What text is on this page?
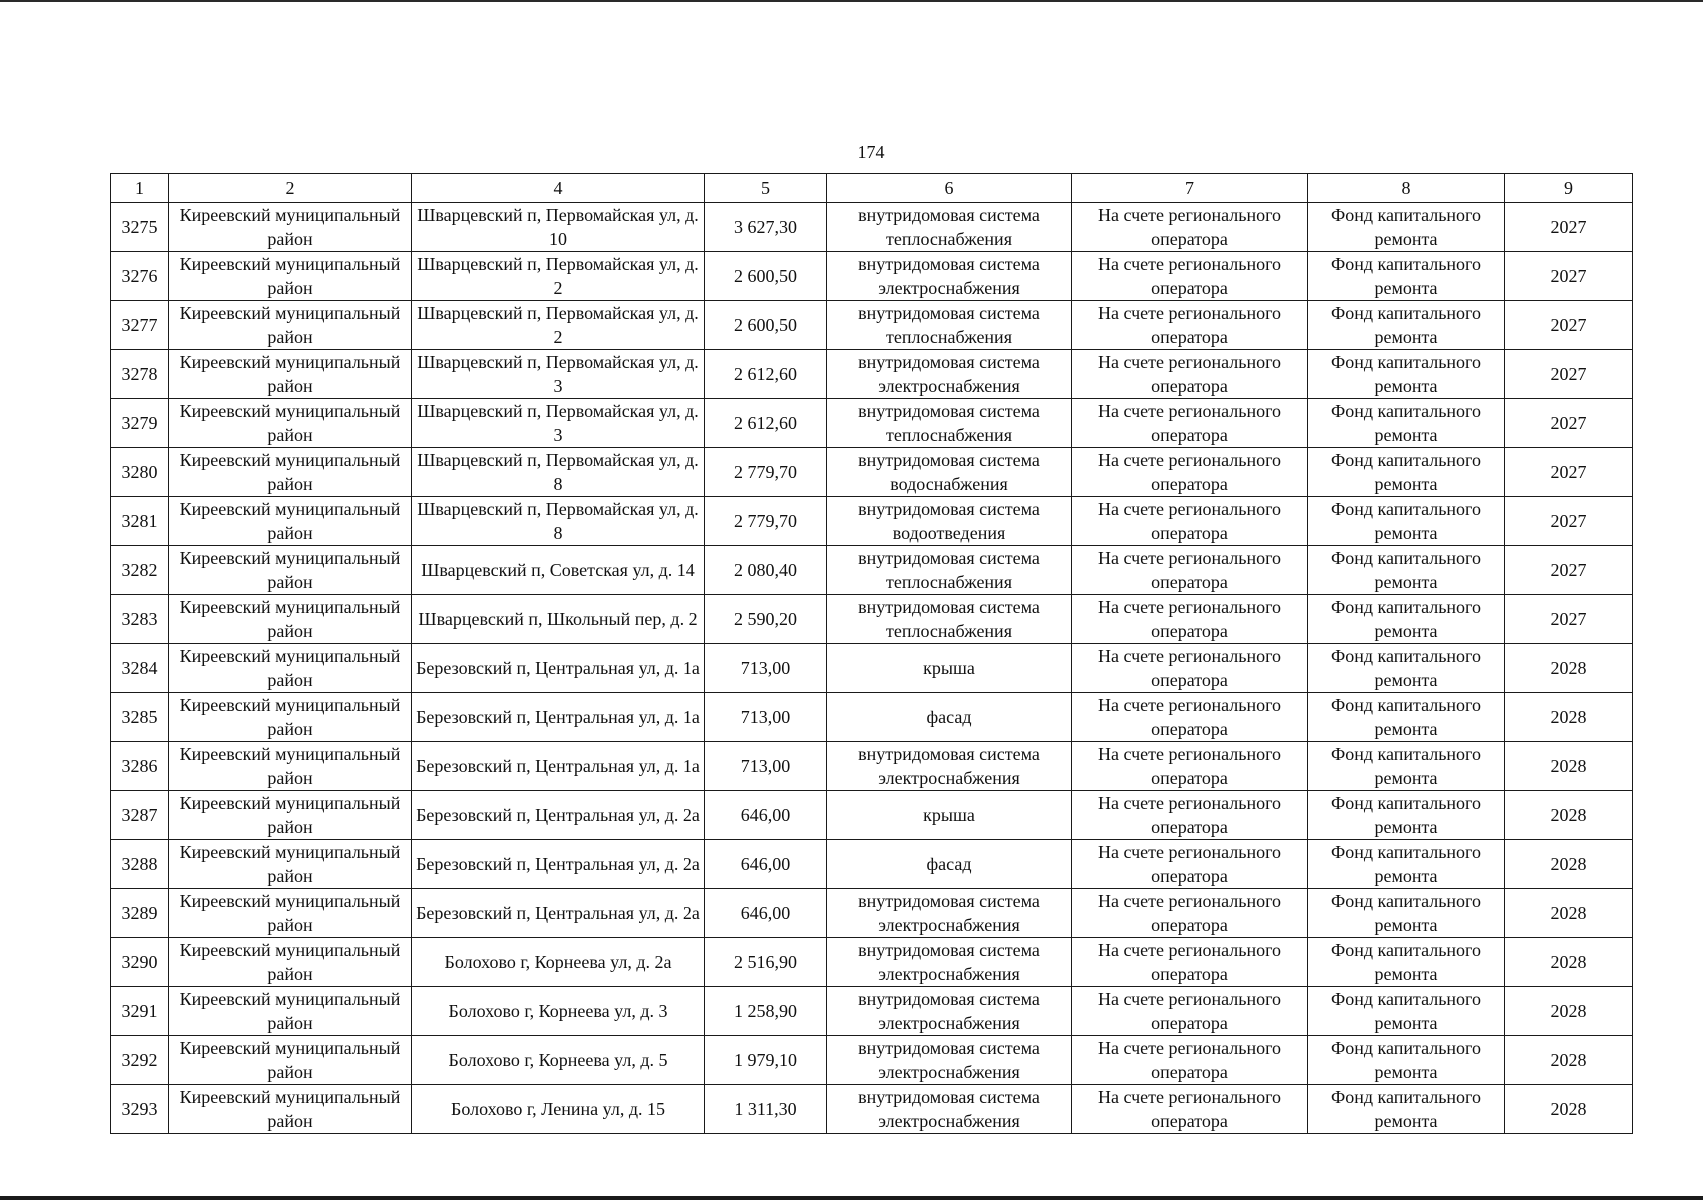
174
1	2	4	5	6	7	8	9
3275	Киреевский муниципальный район	Шварцевский п, Первомайская ул, д. 10	3 627,30	внутридомовая система теплоснабжения	На счете регионального оператора	Фонд капитального ремонта	2027
3276	Киреевский муниципальный район	Шварцевский п, Первомайская ул, д. 2	2 600,50	внутридомовая система электроснабжения	На счете регионального оператора	Фонд капитального ремонта	2027
3277	Киреевский муниципальный район	Шварцевский п, Первомайская ул, д. 2	2 600,50	внутридомовая система теплоснабжения	На счете регионального оператора	Фонд капитального ремонта	2027
3278	Киреевский муниципальный район	Шварцевский п, Первомайская ул, д. 3	2 612,60	внутридомовая система электроснабжения	На счете регионального оператора	Фонд капитального ремонта	2027
3279	Киреевский муниципальный район	Шварцевский п, Первомайская ул, д. 3	2 612,60	внутридомовая система теплоснабжения	На счете регионального оператора	Фонд капитального ремонта	2027
3280	Киреевский муниципальный район	Шварцевский п, Первомайская ул, д. 8	2 779,70	внутридомовая система водоснабжения	На счете регионального оператора	Фонд капитального ремонта	2027
3281	Киреевский муниципальный район	Шварцевский п, Первомайская ул, д. 8	2 779,70	внутридомовая система водоотведения	На счете регионального оператора	Фонд капитального ремонта	2027
3282	Киреевский муниципальный район	Шварцевский п, Советская ул, д. 14	2 080,40	внутридомовая система теплоснабжения	На счете регионального оператора	Фонд капитального ремонта	2027
3283	Киреевский муниципальный район	Шварцевский п, Школьный пер, д. 2	2 590,20	внутридомовая система теплоснабжения	На счете регионального оператора	Фонд капитального ремонта	2027
3284	Киреевский муниципальный район	Березовский п, Центральная ул, д. 1а	713,00	крыша	На счете регионального оператора	Фонд капитального ремонта	2028
3285	Киреевский муниципальный район	Березовский п, Центральная ул, д. 1а	713,00	фасад	На счете регионального оператора	Фонд капитального ремонта	2028
3286	Киреевский муниципальный район	Березовский п, Центральная ул, д. 1а	713,00	внутридомовая система электроснабжения	На счете регионального оператора	Фонд капитального ремонта	2028
3287	Киреевский муниципальный район	Березовский п, Центральная ул, д. 2а	646,00	крыша	На счете регионального оператора	Фонд капитального ремонта	2028
3288	Киреевский муниципальный район	Березовский п, Центральная ул, д. 2а	646,00	фасад	На счете регионального оператора	Фонд капитального ремонта	2028
3289	Киреевский муниципальный район	Березовский п, Центральная ул, д. 2а	646,00	внутридомовая система электроснабжения	На счете регионального оператора	Фонд капитального ремонта	2028
3290	Киреевский муниципальный район	Болохово г, Корнеева ул, д. 2а	2 516,90	внутридомовая система электроснабжения	На счете регионального оператора	Фонд капитального ремонта	2028
3291	Киреевский муниципальный район	Болохово г, Корнеева ул, д. 3	1 258,90	внутридомовая система электроснабжения	На счете регионального оператора	Фонд капитального ремонта	2028
3292	Киреевский муниципальный район	Болохово г, Корнеева ул, д. 5	1 979,10	внутридомовая система электроснабжения	На счете регионального оператора	Фонд капитального ремонта	2028
3293	Киреевский муниципальный район	Болохово г, Ленина ул, д. 15	1 311,30	внутридомовая система электроснабжения	На счете регионального оператора	Фонд капитального ремонта	2028
